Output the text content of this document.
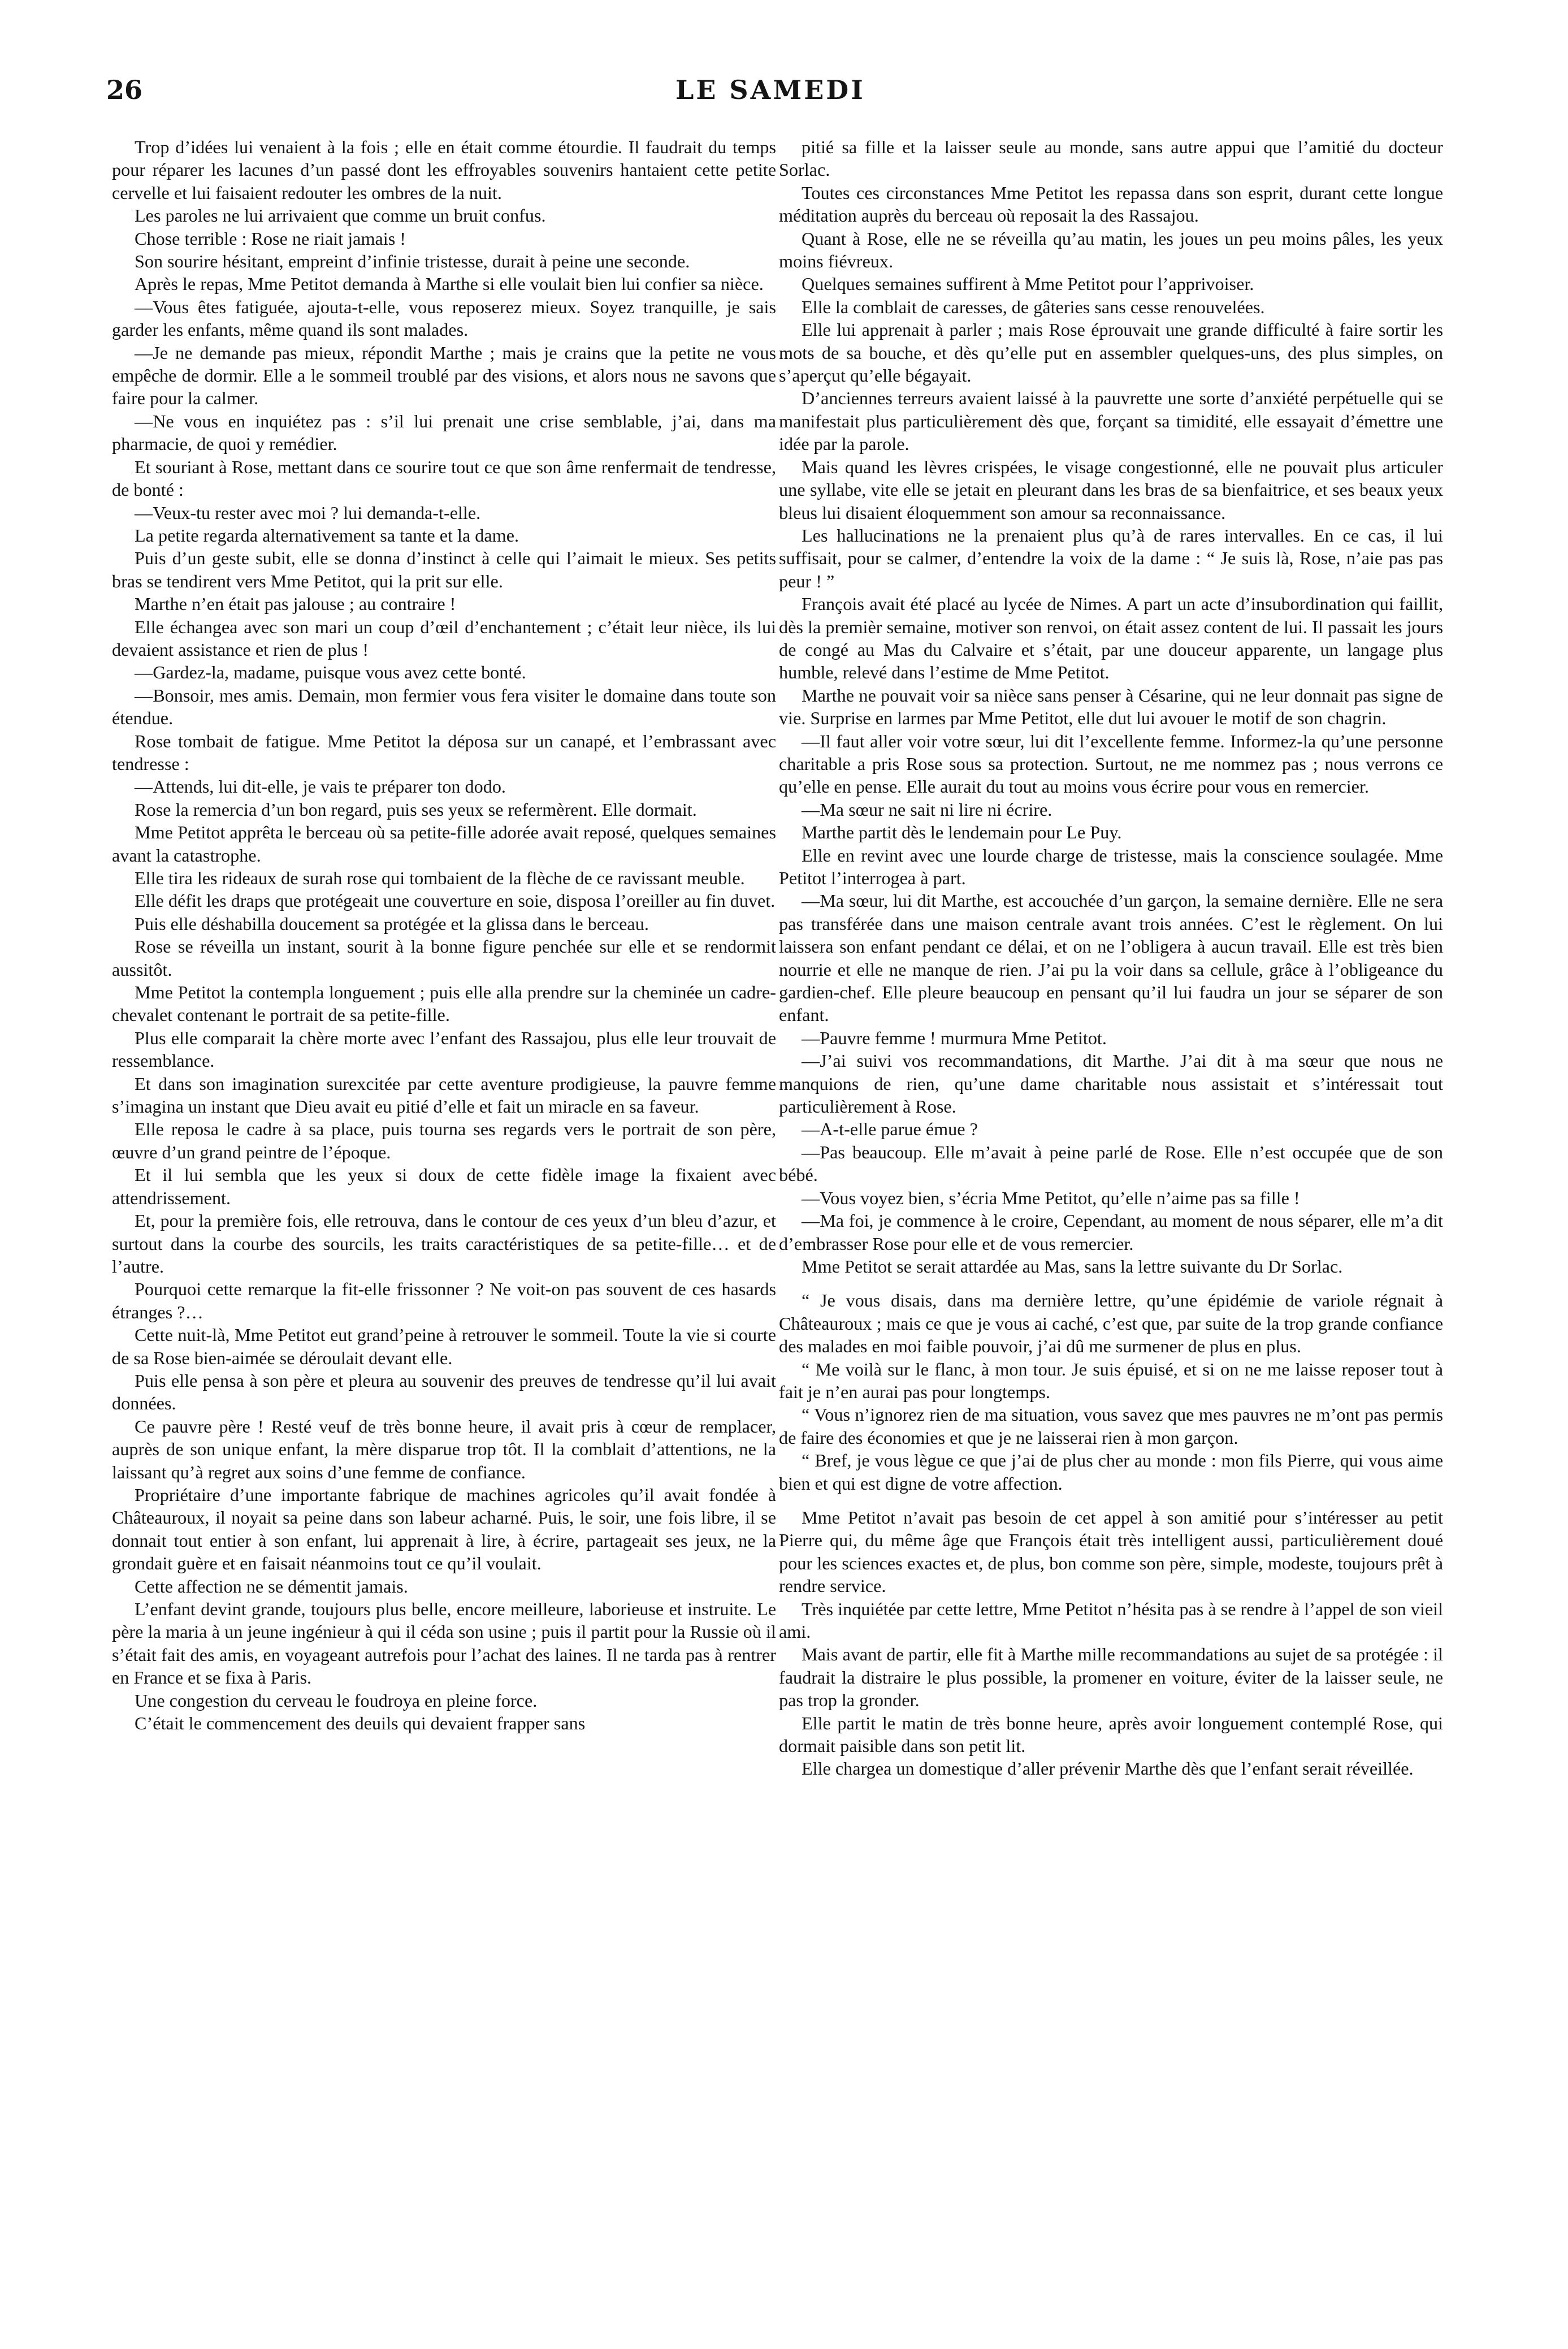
26	LE SAMEDI

Trop d’idées lui venaient à la fois ; elle en était comme étourdie. Il faudrait du temps pour réparer les lacunes d’un passé dont les effroyables souvenirs hantaient cette petite cervelle et lui faisaient redouter les ombres de la nuit.

Les paroles ne lui arrivaient que comme un bruit confus.

Chose terrible : Rose ne riait jamais !

Son sourire hésitant, empreint d’infinie tristesse, durait à peine une seconde.

Après le repas, Mme Petitot demanda à Marthe si elle voulait bien lui confier sa nièce.

—Vous êtes fatiguée, ajouta-t-elle, vous reposerez mieux. Soyez tranquille, je sais garder les enfants, même quand ils sont malades.

—Je ne demande pas mieux, répondit Marthe ; mais je crains que la petite ne vous empêche de dormir. Elle a le sommeil troublé par des visions, et alors nous ne savons que faire pour la calmer.

—Ne vous en inquiétez pas : s’il lui prenait une crise semblable, j’ai, dans ma pharmacie, de quoi y remédier.

Et souriant à Rose, mettant dans ce sourire tout ce que son âme renfermait de tendresse, de bonté :

—Veux-tu rester avec moi ? lui demanda-t-elle.

La petite regarda alternativement sa tante et la dame.

Puis d’un geste subit, elle se donna d’instinct à celle qui l’aimait le mieux. Ses petits bras se tendirent vers Mme Petitot, qui la prit sur elle.

Marthe n’en était pas jalouse ; au contraire !

Elle échangea avec son mari un coup d’œil d’enchantement ; c’était leur nièce, ils lui devaient assistance et rien de plus !

—Gardez-la, madame, puisque vous avez cette bonté.

—Bonsoir, mes amis. Demain, mon fermier vous fera visiter le domaine dans toute son étendue.

Rose tombait de fatigue. Mme Petitot la déposa sur un canapé, et l’embrassant avec tendresse :

—Attends, lui dit-elle, je vais te préparer ton dodo.

Rose la remercia d’un bon regard, puis ses yeux se refermèrent. Elle dormait.

Mme Petitot apprêta le berceau où sa petite-fille adorée avait reposé, quelques semaines avant la catastrophe.

Elle tira les rideaux de surah rose qui tombaient de la flèche de ce ravissant meuble.

Elle défit les draps que protégeait une couverture en soie, disposa l’oreiller au fin duvet.

Puis elle déshabilla doucement sa protégée et la glissa dans le berceau.

Rose se réveilla un instant, sourit à la bonne figure penchée sur elle et se rendormit aussitôt.

Mme Petitot la contempla longuement ; puis elle alla prendre sur la cheminée un cadre-chevalet contenant le portrait de sa petite-fille.

Plus elle comparait la chère morte avec l’enfant des Rassajou, plus elle leur trouvait de ressemblance.

Et dans son imagination surexcitée par cette aventure prodigieuse, la pauvre femme s’imagina un instant que Dieu avait eu pitié d’elle et fait un miracle en sa faveur.

Elle reposa le cadre à sa place, puis tourna ses regards vers le portrait de son père, œuvre d’un grand peintre de l’époque.

Et il lui sembla que les yeux si doux de cette fidèle image la fixaient avec attendrissement.

Et, pour la première fois, elle retrouva, dans le contour de ces yeux d’un bleu d’azur, et surtout dans la courbe des sourcils, les traits caractéristiques de sa petite-fille… et de l’autre.

Pourquoi cette remarque la fit-elle frissonner ? Ne voit-on pas souvent de ces hasards étranges ?…

Cette nuit-là, Mme Petitot eut grand’peine à retrouver le sommeil. Toute la vie si courte de sa Rose bien-aimée se déroulait devant elle.

Puis elle pensa à son père et pleura au souvenir des preuves de tendresse qu’il lui avait données.

Ce pauvre père ! Resté veuf de très bonne heure, il avait pris à cœur de remplacer, auprès de son unique enfant, la mère disparue trop tôt. Il la comblait d’attentions, ne la laissant qu’à regret aux soins d’une femme de confiance.

Propriétaire d’une importante fabrique de machines agricoles qu’il avait fondée à Châteauroux, il noyait sa peine dans son labeur acharné. Puis, le soir, une fois libre, il se donnait tout entier à son enfant, lui apprenait à lire, à écrire, partageait ses jeux, ne la grondait guère et en faisait néanmoins tout ce qu’il voulait.

Cette affection ne se démentit jamais.

L’enfant devint grande, toujours plus belle, encore meilleure, laborieuse et instruite. Le père la maria à un jeune ingénieur à qui il céda son usine ; puis il partit pour la Russie où il s’était fait des amis, en voyageant autrefois pour l’achat des laines. Il ne tarda pas à rentrer en France et se fixa à Paris.

Une congestion du cerveau le foudroya en pleine force.

C’était le commencement des deuils qui devaient frapper sans

pitié sa fille et la laisser seule au monde, sans autre appui que l’amitié du docteur Sorlac.

Toutes ces circonstances Mme Petitot les repassa dans son esprit, durant cette longue méditation auprès du berceau où reposait la des Rassajou.

Quant à Rose, elle ne se réveilla qu’au matin, les joues un peu moins pâles, les yeux moins fiévreux.

Quelques semaines suffirent à Mme Petitot pour l’apprivoiser.

Elle la comblait de caresses, de gâteries sans cesse renouvelées.

Elle lui apprenait à parler ; mais Rose éprouvait une grande difficulté à faire sortir les mots de sa bouche, et dès qu’elle put en assembler quelques-uns, des plus simples, on s’aperçut qu’elle bégayait.

D’anciennes terreurs avaient laissé à la pauvrette une sorte d’anxiété perpétuelle qui se manifestait plus particulièrement dès que, forçant sa timidité, elle essayait d’émettre une idée par la parole.

Mais quand les lèvres crispées, le visage congestionné, elle ne pouvait plus articuler une syllabe, vite elle se jetait en pleurant dans les bras de sa bienfaitrice, et ses beaux yeux bleus lui disaient éloquemment son amour sa reconnaissance.

Les hallucinations ne la prenaient plus qu’à de rares intervalles. En ce cas, il lui suffisait, pour se calmer, d’entendre la voix de la dame : “ Je suis là, Rose, n’aie pas pas peur ! ”

François avait été placé au lycée de Nimes. A part un acte d’insubordination qui faillit, dès la premièr semaine, motiver son renvoi, on était assez content de lui. Il passait les jours de congé au Mas du Calvaire et s’était, par une douceur apparente, un langage plus humble, relevé dans l’estime de Mme Petitot.

Marthe ne pouvait voir sa nièce sans penser à Césarine, qui ne leur donnait pas signe de vie. Surprise en larmes par Mme Petitot, elle dut lui avouer le motif de son chagrin.

—Il faut aller voir votre sœur, lui dit l’excellente femme. Informez-la qu’une personne charitable a pris Rose sous sa protection. Surtout, ne me nommez pas ; nous verrons ce qu’elle en pense. Elle aurait du tout au moins vous écrire pour vous en remercier.

—Ma sœur ne sait ni lire ni écrire.

Marthe partit dès le lendemain pour Le Puy.

Elle en revint avec une lourde charge de tristesse, mais la conscience soulagée. Mme Petitot l’interrogea à part.

—Ma sœur, lui dit Marthe, est accouchée d’un garçon, la semaine dernière. Elle ne sera pas transférée dans une maison centrale avant trois années. C’est le règlement. On lui laissera son enfant pendant ce délai, et on ne l’obligera à aucun travail. Elle est très bien nourrie et elle ne manque de rien. J’ai pu la voir dans sa cellule, grâce à l’obligeance du gardien-chef. Elle pleure beaucoup en pensant qu’il lui faudra un jour se séparer de son enfant.

—Pauvre femme ! murmura Mme Petitot.

—J’ai suivi vos recommandations, dit Marthe. J’ai dit à ma sœur que nous ne manquions de rien, qu’une dame charitable nous assistait et s’intéressait tout particulièrement à Rose.

—A-t-elle parue émue ?

—Pas beaucoup. Elle m’avait à peine parlé de Rose. Elle n’est occupée que de son bébé.

—Vous voyez bien, s’écria Mme Petitot, qu’elle n’aime pas sa fille !

—Ma foi, je commence à le croire, Cependant, au moment de nous séparer, elle m’a dit d’embrasser Rose pour elle et de vous remercier.

Mme Petitot se serait attardée au Mas, sans la lettre suivante du Dr Sorlac.

“ Je vous disais, dans ma dernière lettre, qu’une épidémie de variole régnait à Châteauroux ; mais ce que je vous ai caché, c’est que, par suite de la trop grande confiance des malades en moi faible pouvoir, j’ai dû me surmener de plus en plus.

“ Me voilà sur le flanc, à mon tour. Je suis épuisé, et si on ne me laisse reposer tout à fait je n’en aurai pas pour longtemps.

“ Vous n’ignorez rien de ma situation, vous savez que mes pauvres ne m’ont pas permis de faire des économies et que je ne laisserai rien à mon garçon.

“ Bref, je vous lègue ce que j’ai de plus cher au monde : mon fils Pierre, qui vous aime bien et qui est digne de votre affection.

Mme Petitot n’avait pas besoin de cet appel à son amitié pour s’intéresser au petit Pierre qui, du même âge que François était très intelligent aussi, particulièrement doué pour les sciences exactes et, de plus, bon comme son père, simple, modeste, toujours prêt à rendre service.

Très inquiétée par cette lettre, Mme Petitot n’hésita pas à se rendre à l’appel de son vieil ami.

Mais avant de partir, elle fit à Marthe mille recommandations au sujet de sa protégée : il faudrait la distraire le plus possible, la promener en voiture, éviter de la laisser seule, ne pas trop la gronder.

Elle partit le matin de très bonne heure, après avoir longuement contemplé Rose, qui dormait paisible dans son petit lit.

Elle chargea un domestique d’aller prévenir Marthe dès que l’enfant serait réveillée.
